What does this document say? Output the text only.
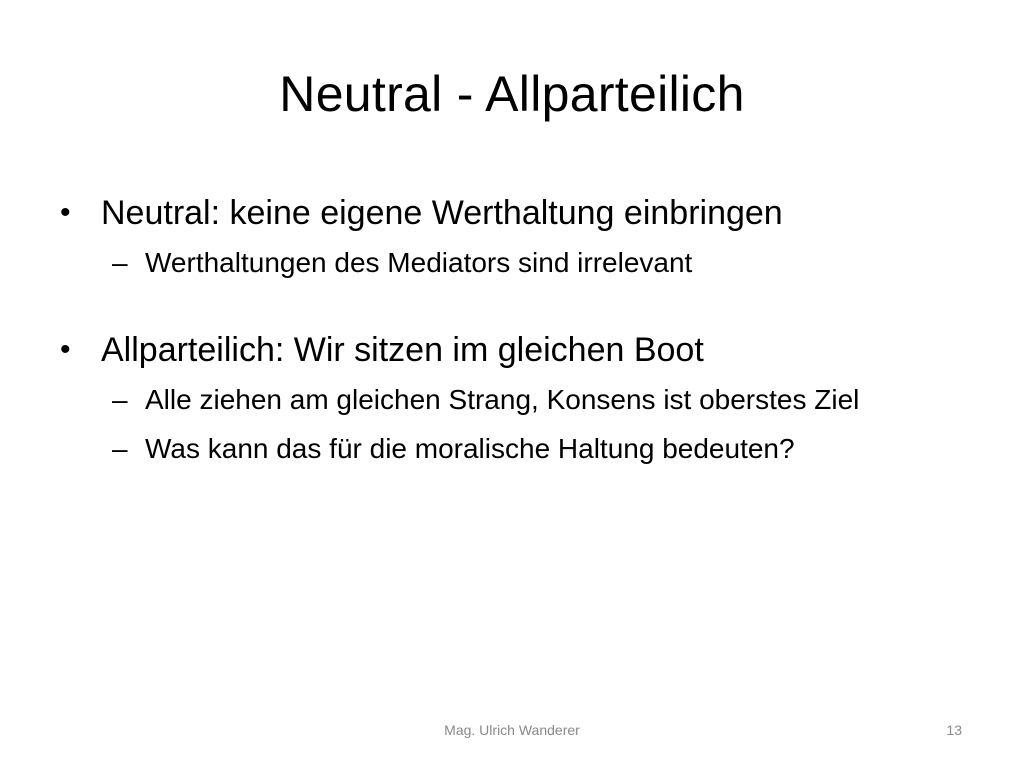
Neutral - Allparteilich
• Neutral: keine eigene Werthaltung einbringen
– Werthaltungen des Mediators sind irrelevant
• Allparteilich: Wir sitzen im gleichen Boot
– Alle ziehen am gleichen Strang, Konsens ist oberstes Ziel
– Was kann das für die moralische Haltung bedeuten?
Mag. Ulrich Wanderer	13
